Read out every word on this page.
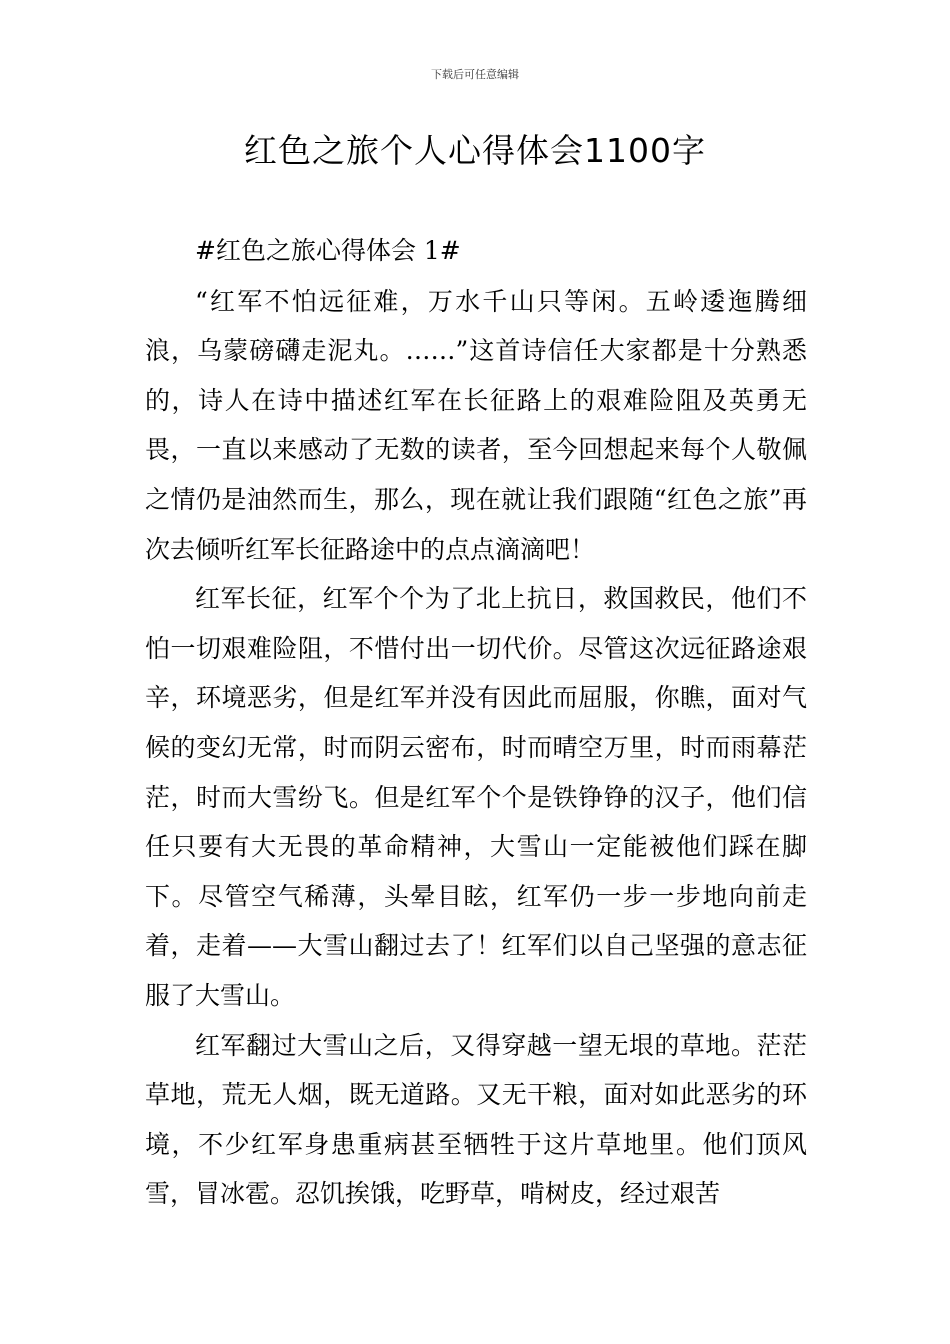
下载后可任意编辑
红色之旅个人心得体会1100字

#红色之旅心得体会 1#

“红军不怕远征难，万水千山只等闲。五岭逶迤腾细浪，乌蒙磅礴走泥丸。……”这首诗信任大家都是十分熟悉的，诗人在诗中描述红军在长征路上的艰难险阻及英勇无畏，一直以来感动了无数的读者，至今回想起来每个人敬佩之情仍是油然而生，那么，现在就让我们跟随“红色之旅”再次去倾听红军长征路途中的点点滴滴吧！

红军长征，红军个个为了北上抗日，救国救民，他们不怕一切艰难险阻，不惜付出一切代价。尽管这次远征路途艰辛，环境恶劣，但是红军并没有因此而屈服，你瞧，面对气候的变幻无常，时而阴云密布，时而晴空万里，时而雨幕茫茫，时而大雪纷飞。但是红军个个是铁铮铮的汉子，他们信任只要有大无畏的革命精神，大雪山一定能被他们踩在脚下。尽管空气稀薄，头晕目眩，红军仍一步一步地向前走着，走着——大雪山翻过去了！红军们以自己坚强的意志征服了大雪山。

红军翻过大雪山之后，又得穿越一望无垠的草地。茫茫草地，荒无人烟，既无道路。又无干粮，面对如此恶劣的环境，不少红军身患重病甚至牺牲于这片草地里。他们顶风雪，冒冰雹。忍饥挨饿，吃野草，啃树皮，经过艰苦
